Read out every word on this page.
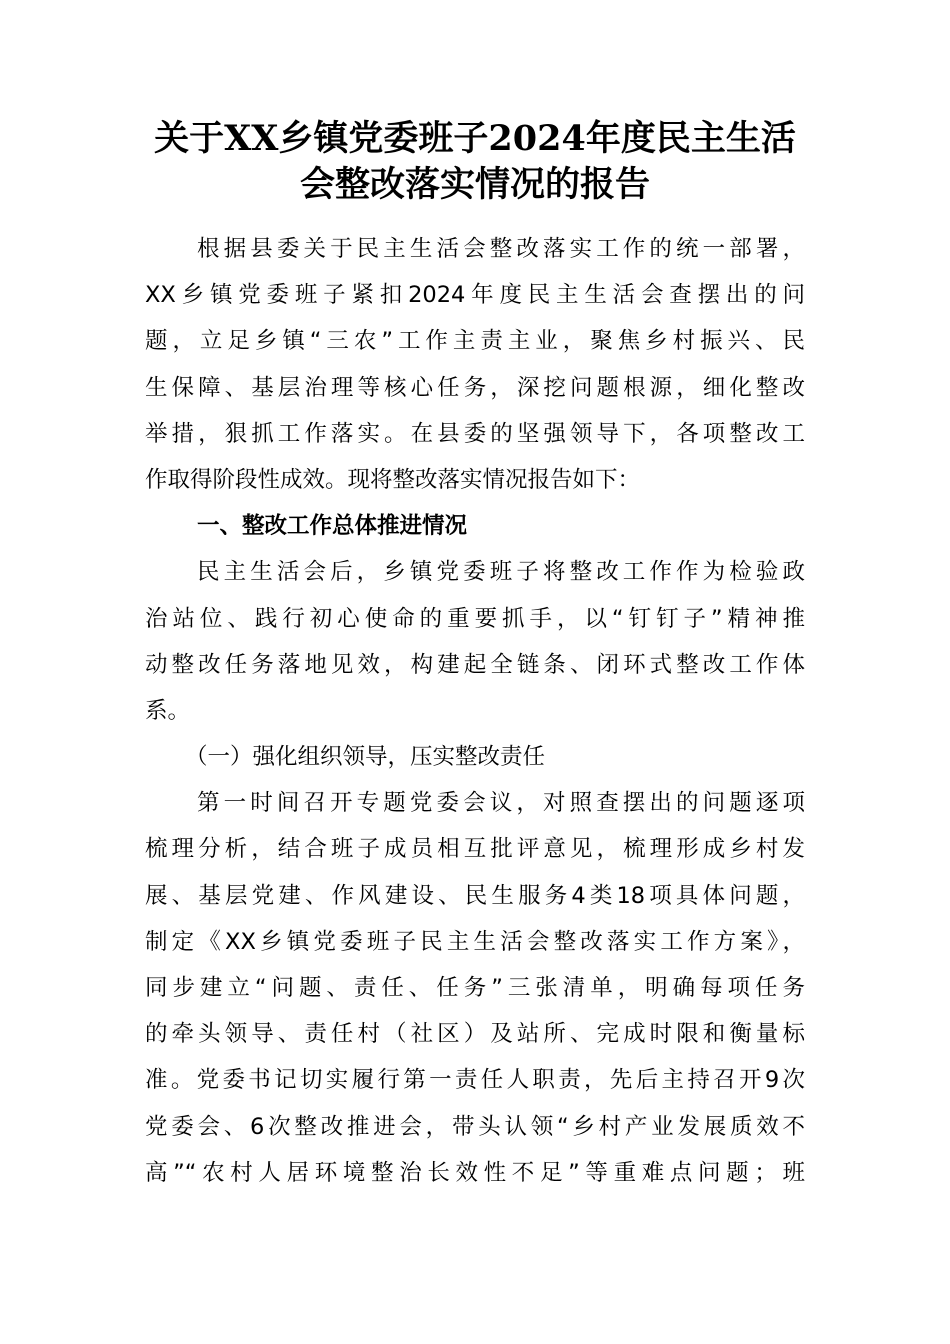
关于XX乡镇党委班子2024年度民主生活
会整改落实情况的报告
根据县委关于民主生活会整改落实工作的统一部署，
XX乡镇党委班子紧扣2024年度民主生活会查摆出的问
题，立足乡镇“三农”工作主责主业，聚焦乡村振兴、民
生保障、基层治理等核心任务，深挖问题根源，细化整改
举措，狠抓工作落实。在县委的坚强领导下，各项整改工
作取得阶段性成效。现将整改落实情况报告如下：
一、整改工作总体推进情况
民主生活会后，乡镇党委班子将整改工作作为检验政
治站位、践行初心使命的重要抓手，以“钉钉子”精神推
动整改任务落地见效，构建起全链条、闭环式整改工作体
系。
（一）强化组织领导，压实整改责任
第一时间召开专题党委会议，对照查摆出的问题逐项
梳理分析，结合班子成员相互批评意见，梳理形成乡村发
展、基层党建、作风建设、民生服务4类18项具体问题，
制定《XX乡镇党委班子民主生活会整改落实工作方案》，
同步建立“问题、责任、任务”三张清单，明确每项任务
的牵头领导、责任村（社区）及站所、完成时限和衡量标
准。党委书记切实履行第一责任人职责，先后主持召开9次
党委会、6次整改推进会，带头认领“乡村产业发展质效不
高”“农村人居环境整治长效性不足”等重难点问题；班
